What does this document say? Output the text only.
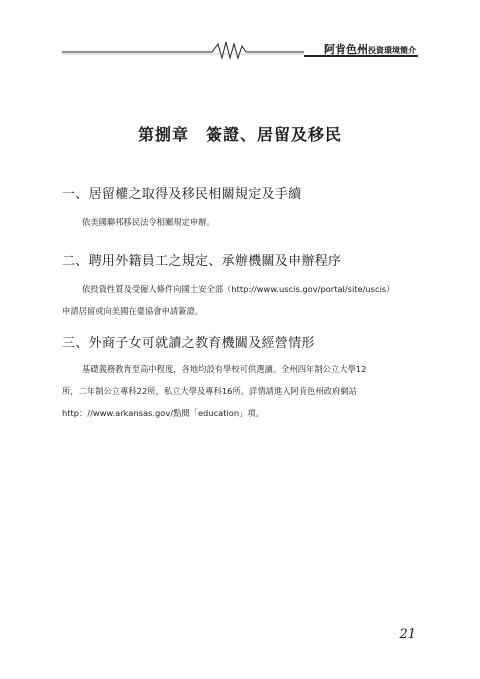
阿肯色州投資環境簡介
第捌章　簽證、居留及移民
一、居留權之取得及移民相關規定及手續
依美國聯邦移民法令相關規定申辦。
二、聘用外籍員工之規定、承辦機關及申辦程序
依投資性質及受僱人條件向國土安全部（http://www.uscis.gov/portal/site/uscis）
申請居留或向美國在臺協會申請簽證。
三、外商子女可就讀之教育機關及經營情形
基礎義務教育至高中程度，各地均設有學校可供選讀。全州四年制公立大學12
所，二年制公立專科22所，私立大學及專科16所。詳情請進入阿肯色州政府網站
http：//www.arkansas.gov/點閱「education」項。
21
